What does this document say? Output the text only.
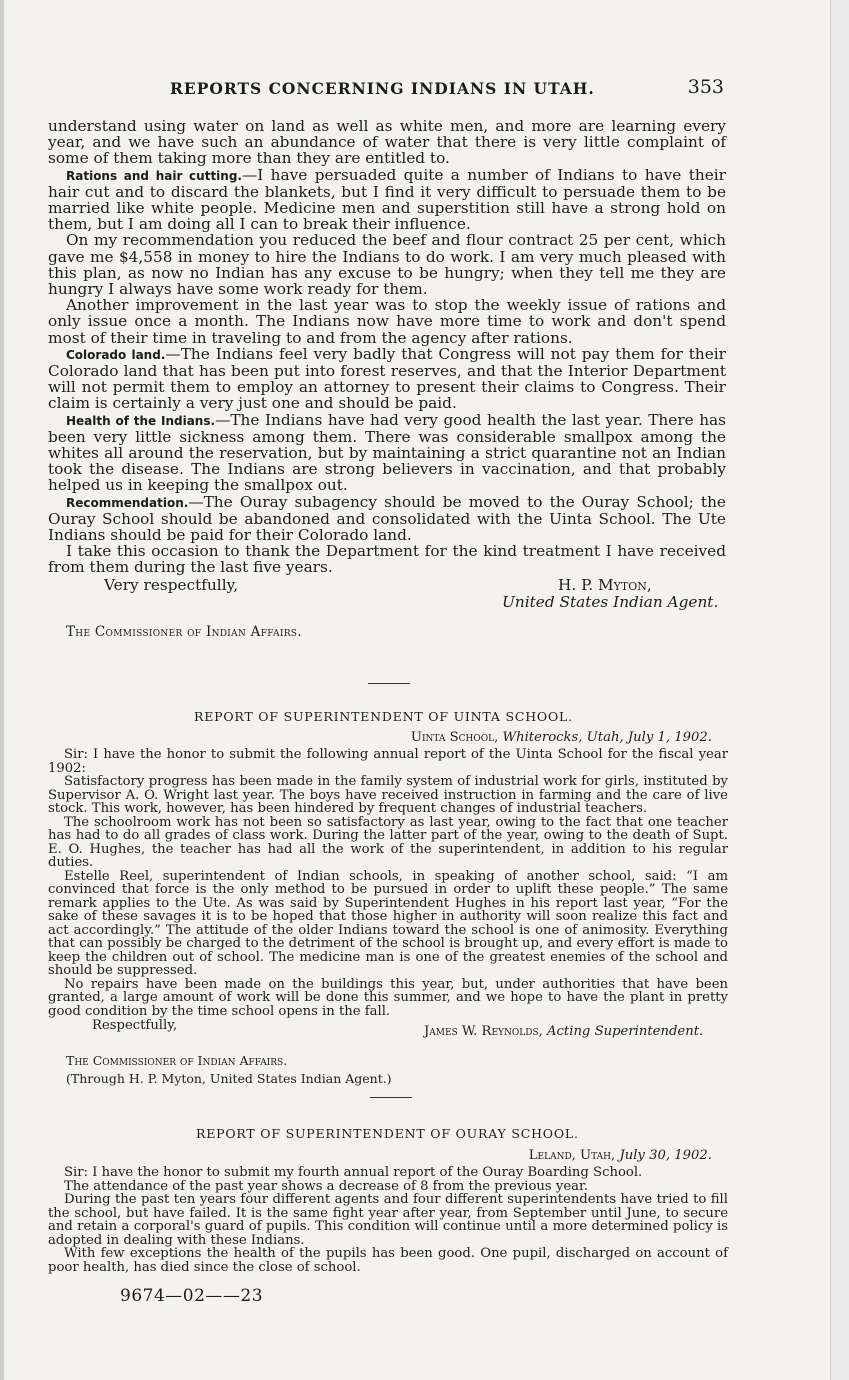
REPORTS CONCERNING INDIANS IN UTAH.	353

understand using water on land as well as white men, and more are learning every year, and we have such an abundance of water that there is very little complaint of some of them taking more than they are entitled to.

Rations and hair cutting.—I have persuaded quite a number of Indians to have their hair cut and to discard the blankets, but I find it very difficult to persuade them to be married like white people. Medicine men and superstition still have a strong hold on them, but I am doing all I can to break their influence.

On my recommendation you reduced the beef and flour contract 25 per cent, which gave me $4,558 in money to hire the Indians to do work. I am very much pleased with this plan, as now no Indian has any excuse to be hungry; when they tell me they are hungry I always have some work ready for them.

Another improvement in the last year was to stop the weekly issue of rations and only issue once a month. The Indians now have more time to work and don't spend most of their time in traveling to and from the agency after rations.

Colorado land.—The Indians feel very badly that Congress will not pay them for their Colorado land that has been put into forest reserves, and that the Interior Department will not permit them to employ an attorney to present their claims to Congress. Their claim is certainly a very just one and should be paid.

Health of the Indians.—The Indians have had very good health the last year. There has been very little sickness among them. There was considerable smallpox among the whites all around the reservation, but by maintaining a strict quarantine not an Indian took the disease. The Indians are strong believers in vaccination, and that probably helped us in keeping the smallpox out.

Recommendation.—The Ouray subagency should be moved to the Ouray School; the Ouray School should be abandoned and consolidated with the Uinta School. The Ute Indians should be paid for their Colorado land.

I take this occasion to thank the Department for the kind treatment I have received from them during the last five years.

Very respectfully,	H. P. Myton,
United States Indian Agent.
The Commissioner of Indian Affairs.
REPORT OF SUPERINTENDENT OF UINTA SCHOOL.

Uinta School, Whiterocks, Utah, July 1, 1902.

Sir: I have the honor to submit the following annual report of the Uinta School for the fiscal year 1902:

Satisfactory progress has been made in the family system of industrial work for girls, instituted by Supervisor A. O. Wright last year. The boys have received instruction in farming and the care of live stock. This work, however, has been hindered by frequent changes of industrial teachers.

The schoolroom work has not been so satisfactory as last year, owing to the fact that one teacher has had to do all grades of class work. During the latter part of the year, owing to the death of Supt. E. O. Hughes, the teacher has had all the work of the superintendent, in addition to his regular duties.

Estelle Reel, superintendent of Indian schools, in speaking of another school, said: “I am convinced that force is the only method to be pursued in order to uplift these people.” The same remark applies to the Ute. As was said by Superintendent Hughes in his report last year, “For the sake of these savages it is to be hoped that those higher in authority will soon realize this fact and act accordingly.” The attitude of the older Indians toward the school is one of animosity. Everything that can possibly be charged to the detriment of the school is brought up, and every effort is made to keep the children out of school. The medicine man is one of the greatest enemies of the school and should be suppressed.

No repairs have been made on the buildings this year, but, under authorities that have been granted, a large amount of work will be done this summer, and we hope to have the plant in pretty good condition by the time school opens in the fall.

Respectfully,	James W. Reynolds, Acting Superintendent.
The Commissioner of Indian Affairs.
(Through H. P. Myton, United States Indian Agent.)
REPORT OF SUPERINTENDENT OF OURAY SCHOOL.

Leland, Utah, July 30, 1902.

Sir: I have the honor to submit my fourth annual report of the Ouray Boarding School.

The attendance of the past year shows a decrease of 8 from the previous year.

During the past ten years four different agents and four different superintendents have tried to fill the school, but have failed. It is the same fight year after year, from September until June, to secure and retain a corporal's guard of pupils. This condition will continue until a more determined policy is adopted in dealing with these Indians.

With few exceptions the health of the pupils has been good. One pupil, discharged on account of poor health, has died since the close of school.

9674—02——23
